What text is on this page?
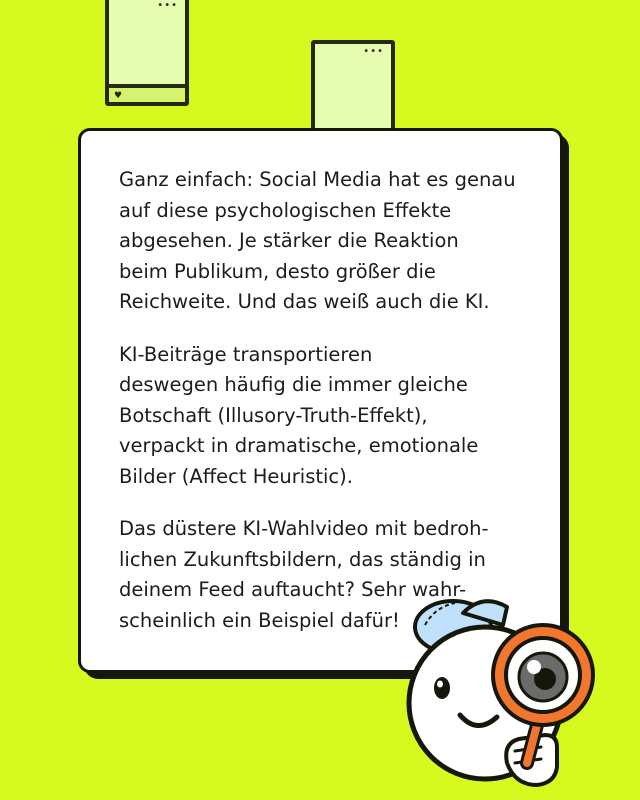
•••
♥
•••

Ganz einfach: Social Media hat es genau
auf diese psychologischen Effekte
abgesehen. Je stärker die Reaktion
beim Publikum, desto größer die
Reichweite. Und das weiß auch die KI.

KI-Beiträge transportieren
deswegen häufig die immer gleiche
Botschaft (Illusory-Truth-Effekt),
verpackt in dramatische, emotionale
Bilder (Affect Heuristic).

Das düstere KI-Wahlvideo mit bedroh-
lichen Zukunftsbildern, das ständig in
deinem Feed auftaucht? Sehr wahr-
scheinlich ein Beispiel dafür!
